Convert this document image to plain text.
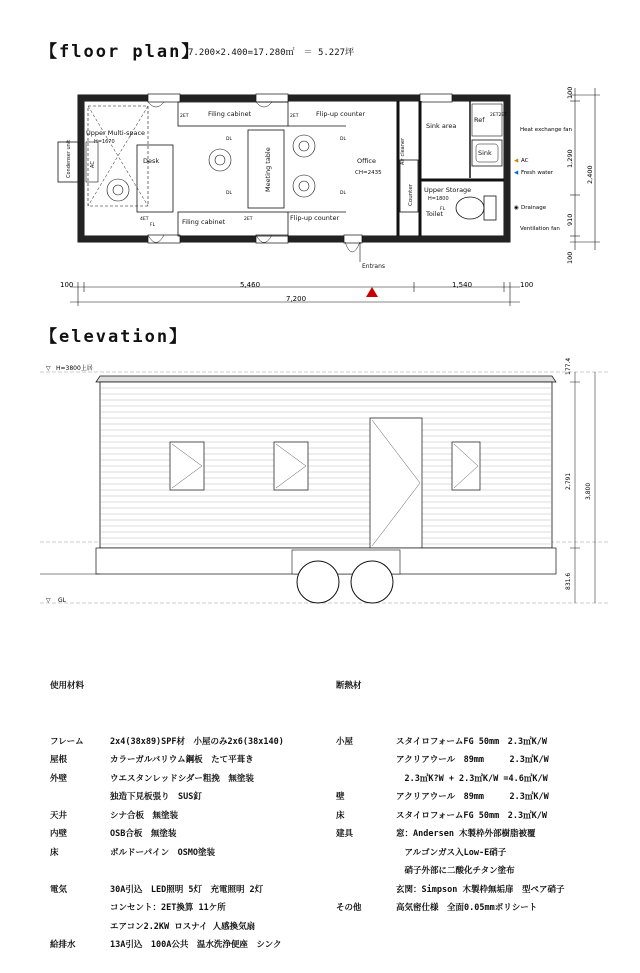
【floor plan】
7.200×2.400=17.280㎡　＝ 5.227坪
【elevation】
100	5,460	1,540	100
7,200
100
1,290
2,400
910
100
Heat exchange fan
◀ AC
◀ Fresh water
◉ Drainage
Ventilation fan
Filing cabinet	Flip-up counter
Filing cabinet	Flip-up counter
Upper Multi-space
H=1670
Desk	Meeting table	Office
CH=2435
Air cleaner
Counter
Sink area
Ref
Sink
Upper Storage
H=1800
Toilet
Condenser unit	AC
Entrans
2ET	2ET
4ET	2ET
2ET2ET
DL	DL
DL	DL
FL
FL
▽ H=3800上居
▽ GL
177.4
2,791
3,800
831.6

使用材料

フレーム	2x4(38x89)SPF材　小屋のみ2x6(38x140)
屋根	カラーガルバリウム鋼板　たて平葺き
外壁	ウエスタンレッドシダー粗挽　無塗装
独造下見板張り　SUS釘
天井	シナ合板　無塗装
内壁	OSB合板　無塗装
床	ボルドーパイン　OSMO塗装
電気	30A引込　LED照明 5灯　充電照明 2灯
コンセント：2ET換算 11ケ所
エアコン2.2KW ロスナイ 人感換気扇
給排水	13A引込　100A公共　温水洗浄便座　シンク

断熱材

小屋	スタイロフォームFG 50mm　2.3㎡K/W
アクリアウール　89mm　　　2.3㎡K/W
　2.3㎡K?W + 2.3㎡K/W =4.6㎡K/W
壁	アクリアウール　89mm　　　2.3㎡K/W
床	スタイロフォームFG 50mm　2.3㎡K/W
建具	窓：Andersen 木製枠外部樹脂被覆
　アルゴンガス入Low-E硝子
　硝子外部に二酸化チタン塗布
玄関：Simpson 木製枠無垢扉　型ペア硝子
その他	高気密仕様　全面0.05mmポリシート
